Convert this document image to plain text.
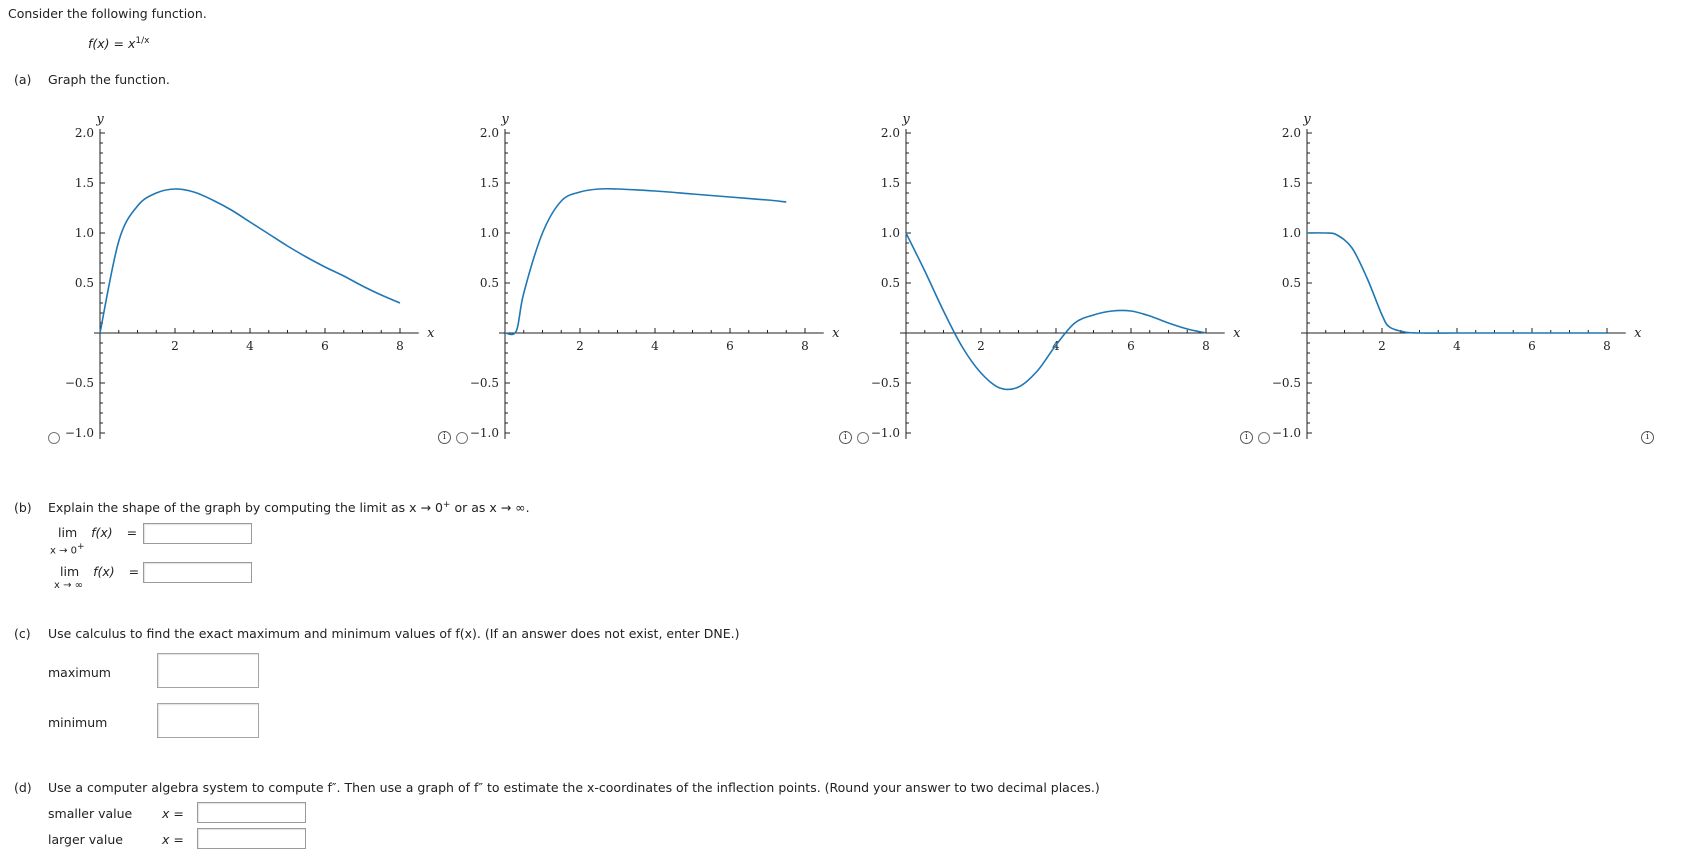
Consider the following function.
$f(x) = x^{1/x}$
(a) Graph the function.
i
2.0
1.5
1.0
0.5
−0.5
−1.0
2	4	6	8
y
x
i
2.0
1.5
1.0
0.5
−0.5
−1.0
2	4	6	8
y
x
i
2.0
1.5
1.0
0.5
−0.5
−1.0
2	4	6	8
y
x
i
2.0
1.5
1.0
0.5
−0.5
−1.0
2	4	6	8
y
x
(b) Explain the shape of the graph by computing the limit as x → 0+ or as x → ∞.
lim f(x) =
x → 0+
lim f(x) =
x → ∞
(c) Use calculus to find the exact maximum and minimum values of f(x). (If an answer does not exist, enter DNE.)
maximum
minimum
(d) Use a computer algebra system to compute f″. Then use a graph of f″ to estimate the x-coordinates of the inflection points. (Round your answer to two decimal places.)
smaller value x =
larger value	x =
